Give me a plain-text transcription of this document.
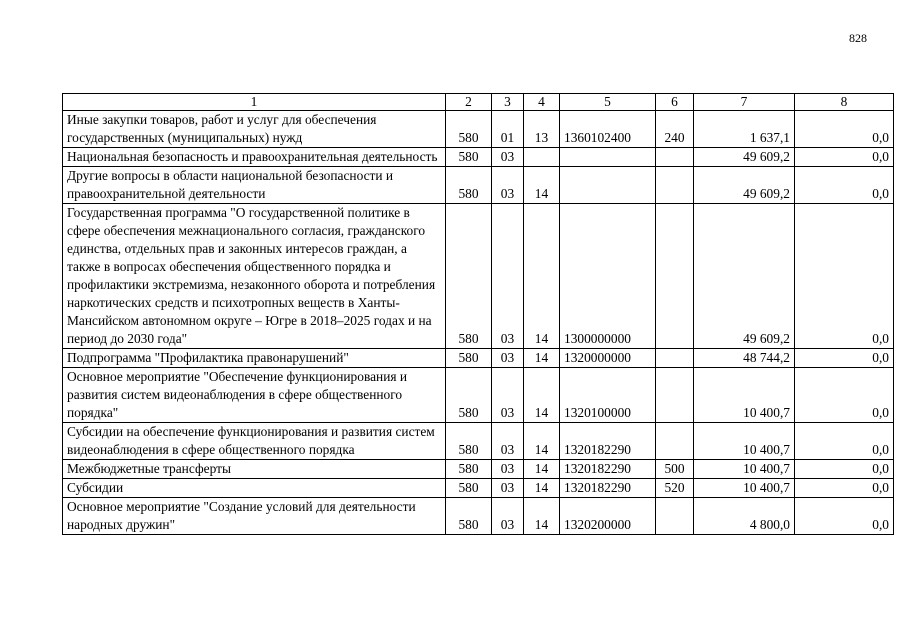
828
1	2	3	4	5	6	7	8
Иные закупки товаров, работ и услуг для обеспечения государственных (муниципальных) нужд	580	01	13	1360102400	240	1 637,1	0,0
Национальная безопасность и правоохранительная деятельность	580	03				49 609,2	0,0
Другие вопросы в области национальной безопасности и правоохранительной деятельности	580	03	14			49 609,2	0,0
Государственная программа "О государственной политике в сфере обеспечения межнационального согласия, гражданского единства, отдельных прав и законных интересов граждан, а также в вопросах обеспечения общественного порядка и профилактики экстремизма, незаконного оборота и потребления наркотических средств и психотропных веществ в Ханты-Мансийском автономном округе – Югре в 2018–2025 годах и на период до 2030 года"	580	03	14	1300000000		49 609,2	0,0
Подпрограмма "Профилактика правонарушений"	580	03	14	1320000000		48 744,2	0,0
Основное мероприятие "Обеспечение функционирования и развития систем видеонаблюдения в сфере общественного порядка"	580	03	14	1320100000		10 400,7	0,0
Субсидии на обеспечение функционирования и развития систем видеонаблюдения в сфере общественного порядка	580	03	14	1320182290		10 400,7	0,0
Межбюджетные трансферты	580	03	14	1320182290	500	10 400,7	0,0
Субсидии	580	03	14	1320182290	520	10 400,7	0,0
Основное мероприятие "Создание условий для деятельности народных дружин"	580	03	14	1320200000		4 800,0	0,0
